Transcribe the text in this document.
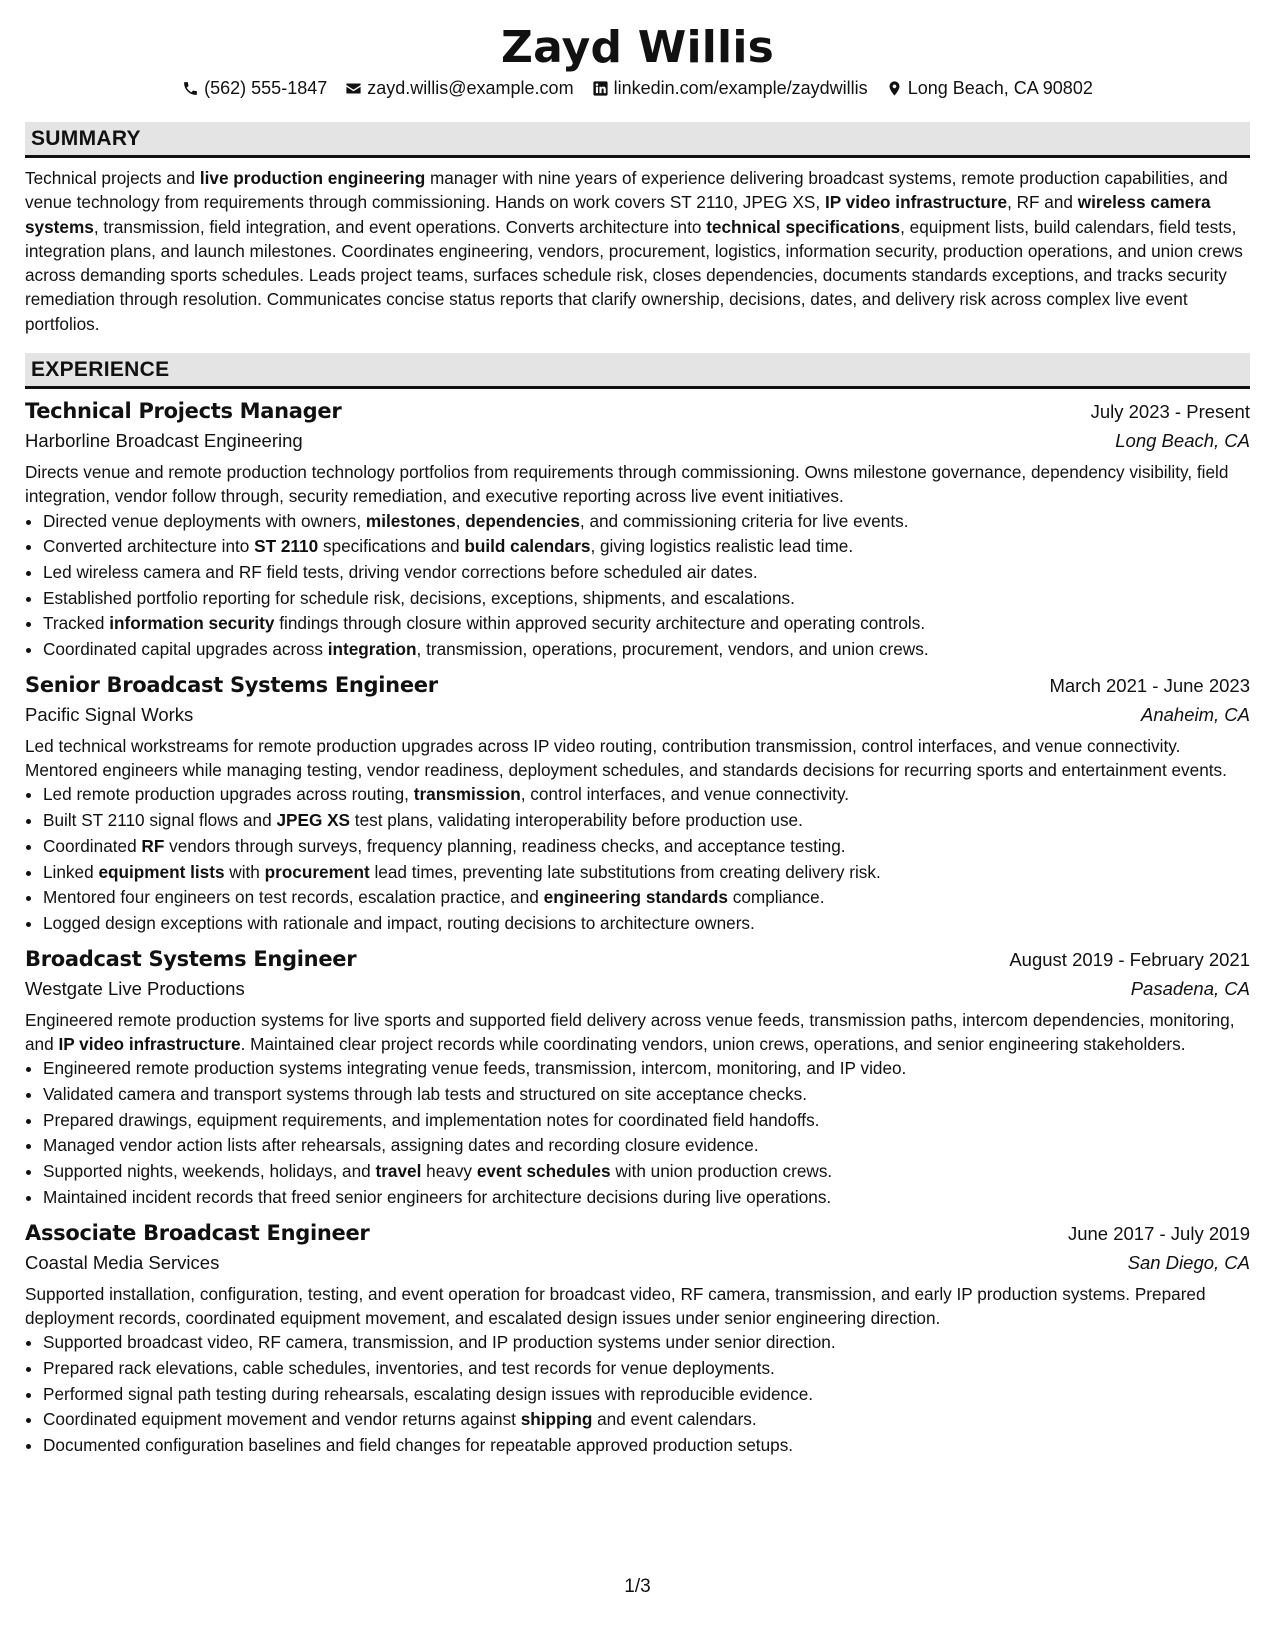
Zayd Willis
(562) 555-1847 zayd.willis@example.com linkedin.com/example/zaydwillis Long Beach, CA 90802
SUMMARY
Technical projects and live production engineering manager with nine years of experience delivering broadcast systems, remote production capabilities, and venue technology from requirements through commissioning. Hands on work covers ST 2110, JPEG XS, IP video infrastructure, RF and wireless camera systems, transmission, field integration, and event operations. Converts architecture into technical specifications, equipment lists, build calendars, field tests, integration plans, and launch milestones. Coordinates engineering, vendors, procurement, logistics, information security, production operations, and union crews across demanding sports schedules. Leads project teams, surfaces schedule risk, closes dependencies, documents standards exceptions, and tracks security remediation through resolution. Communicates concise status reports that clarify ownership, decisions, dates, and delivery risk across complex live event portfolios.
EXPERIENCE
Technical Projects Manager	July 2023 - Present
Harborline Broadcast Engineering	Long Beach, CA
Directs venue and remote production technology portfolios from requirements through commissioning. Owns milestone governance, dependency visibility, field integration, vendor follow through, security remediation, and executive reporting across live event initiatives.
• Directed venue deployments with owners, milestones, dependencies, and commissioning criteria for live events.
• Converted architecture into ST 2110 specifications and build calendars, giving logistics realistic lead time.
• Led wireless camera and RF field tests, driving vendor corrections before scheduled air dates.
• Established portfolio reporting for schedule risk, decisions, exceptions, shipments, and escalations.
• Tracked information security findings through closure within approved security architecture and operating controls.
• Coordinated capital upgrades across integration, transmission, operations, procurement, vendors, and union crews.
Senior Broadcast Systems Engineer	March 2021 - June 2023
Pacific Signal Works	Anaheim, CA
Led technical workstreams for remote production upgrades across IP video routing, contribution transmission, control interfaces, and venue connectivity. Mentored engineers while managing testing, vendor readiness, deployment schedules, and standards decisions for recurring sports and entertainment events.
• Led remote production upgrades across routing, transmission, control interfaces, and venue connectivity.
• Built ST 2110 signal flows and JPEG XS test plans, validating interoperability before production use.
• Coordinated RF vendors through surveys, frequency planning, readiness checks, and acceptance testing.
• Linked equipment lists with procurement lead times, preventing late substitutions from creating delivery risk.
• Mentored four engineers on test records, escalation practice, and engineering standards compliance.
• Logged design exceptions with rationale and impact, routing decisions to architecture owners.
Broadcast Systems Engineer	August 2019 - February 2021
Westgate Live Productions	Pasadena, CA
Engineered remote production systems for live sports and supported field delivery across venue feeds, transmission paths, intercom dependencies, monitoring, and IP video infrastructure. Maintained clear project records while coordinating vendors, union crews, operations, and senior engineering stakeholders.
• Engineered remote production systems integrating venue feeds, transmission, intercom, monitoring, and IP video.
• Validated camera and transport systems through lab tests and structured on site acceptance checks.
• Prepared drawings, equipment requirements, and implementation notes for coordinated field handoffs.
• Managed vendor action lists after rehearsals, assigning dates and recording closure evidence.
• Supported nights, weekends, holidays, and travel heavy event schedules with union production crews.
• Maintained incident records that freed senior engineers for architecture decisions during live operations.
Associate Broadcast Engineer	June 2017 - July 2019
Coastal Media Services	San Diego, CA
Supported installation, configuration, testing, and event operation for broadcast video, RF camera, transmission, and early IP production systems. Prepared deployment records, coordinated equipment movement, and escalated design issues under senior engineering direction.
• Supported broadcast video, RF camera, transmission, and IP production systems under senior direction.
• Prepared rack elevations, cable schedules, inventories, and test records for venue deployments.
• Performed signal path testing during rehearsals, escalating design issues with reproducible evidence.
• Coordinated equipment movement and vendor returns against shipping and event calendars.
• Documented configuration baselines and field changes for repeatable approved production setups.
1/3
